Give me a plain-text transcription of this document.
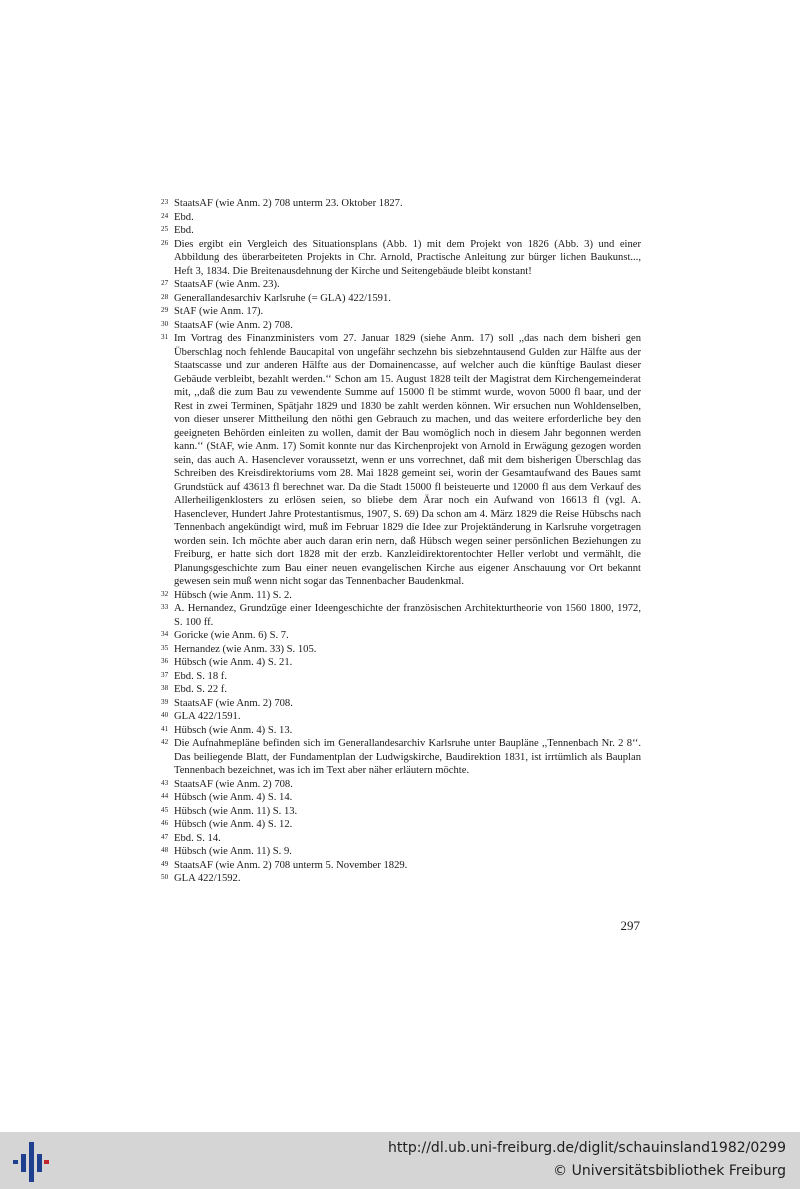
23 StaatsAF (wie Anm. 2) 708 unterm 23. Oktober 1827.
24 Ebd.
25 Ebd.
26 Dies ergibt ein Vergleich des Situationsplans (Abb. 1) mit dem Projekt von 1826 (Abb. 3) und einer Abbildung des überarbeiteten Projekts in Chr. Arnold, Practische Anleitung zur bürger lichen Baukunst..., Heft 3, 1834. Die Breitenausdehnung der Kirche und Seitengebäude bleibt konstant!
27 StaatsAF (wie Anm. 23).
28 Generallandesarchiv Karlsruhe (= GLA) 422/1591.
29 StAF (wie Anm. 17).
30 StaatsAF (wie Anm. 2) 708.
31 Im Vortrag des Finanzministers vom 27. Januar 1829 (siehe Anm. 17) soll ,,das nach dem bisheri gen Überschlag noch fehlende Baucapital von ungefähr sechzehn bis siebzehntausend Gulden zur Hälfte aus der Staatscasse und zur anderen Hälfte aus der Domainencasse, auf welcher auch die künftige Baulast dieser Gebäude verbleibt, bezahlt werden.‘‘ Schon am 15. August 1828 teilt der Magistrat dem Kirchengemeinderat mit, ,,daß die zum Bau zu vewendente Summe auf 15000 fl be stimmt wurde, wovon 5000 fl baar, und der Rest in zwei Terminen, Spätjahr 1829 und 1830 be zahlt werden können. Wir ersuchen nun Wohldenselben, von dieser unserer Mittheilung den nöthi gen Gebrauch zu machen, und das weitere erforderliche bey den geeigneten Behörden einleiten zu wollen, damit der Bau womöglich noch in diesem Jahr begonnen werden kann.‘‘ (StAF, wie Anm. 17) Somit konnte nur das Kirchenprojekt von Arnold in Erwägung gezogen worden sein, das auch A. Hasenclever voraussetzt, wenn er uns vorrechnet, daß mit dem bisherigen Überschlag das Schreiben des Kreisdirektoriums vom 28. Mai 1828 gemeint sei, worin der Gesamtaufwand des Baues samt Grundstück auf 43613 fl berechnet war. Da die Stadt 15000 fl beisteuerte und 12000 fl aus dem Verkauf des Allerheiligenklosters zu erlösen seien, so bliebe dem Ärar noch ein Aufwand von 16613 fl (vgl. A. Hasenclever, Hundert Jahre Protestantismus, 1907, S. 69) Da schon am 4. März 1829 die Reise Hübschs nach Tennenbach angekündigt wird, muß im Februar 1829 die Idee zur Projektänderung in Karlsruhe vorgetragen worden sein. Ich möchte aber auch daran erin nern, daß Hübsch wegen seiner persönlichen Beziehungen zu Freiburg, er hatte sich dort 1828 mit der erzb. Kanzleidirektorentochter Heller verlobt und vermählt, die Planungsgeschichte zum Bau einer neuen evangelischen Kirche aus eigener Anschauung vor Ort bekannt gewesen sein muß wenn nicht sogar das Tennenbacher Baudenkmal.
32 Hübsch (wie Anm. 11) S. 2.
33 A. Hernandez, Grundzüge einer Ideengeschichte der französischen Architekturtheorie von 1560 1800, 1972, S. 100 ff.
34 Goricke (wie Anm. 6) S. 7.
35 Hernandez (wie Anm. 33) S. 105.
36 Hübsch (wie Anm. 4) S. 21.
37 Ebd. S. 18 f.
38 Ebd. S. 22 f.
39 StaatsAF (wie Anm. 2) 708.
40 GLA 422/1591.
41 Hübsch (wie Anm. 4) S. 13.
42 Die Aufnahmepläne befinden sich im Generallandesarchiv Karlsruhe unter Baupläne ,,Tennenbach Nr. 2 8‘‘. Das beiliegende Blatt, der Fundamentplan der Ludwigskirche, Baudirektion 1831, ist irrtümlich als Bauplan Tennenbach bezeichnet, was ich im Text aber näher erläutern möchte.
43 StaatsAF (wie Anm. 2) 708.
44 Hübsch (wie Anm. 4) S. 14.
45 Hübsch (wie Anm. 11) S. 13.
46 Hübsch (wie Anm. 4) S. 12.
47 Ebd. S. 14.
48 Hübsch (wie Anm. 11) S. 9.
49 StaatsAF (wie Anm. 2) 708 unterm 5. November 1829.
50 GLA 422/1592.
297
http://dl.ub.uni-freiburg.de/diglit/schauinsland1982/0299
© Universitätsbibliothek Freiburg
